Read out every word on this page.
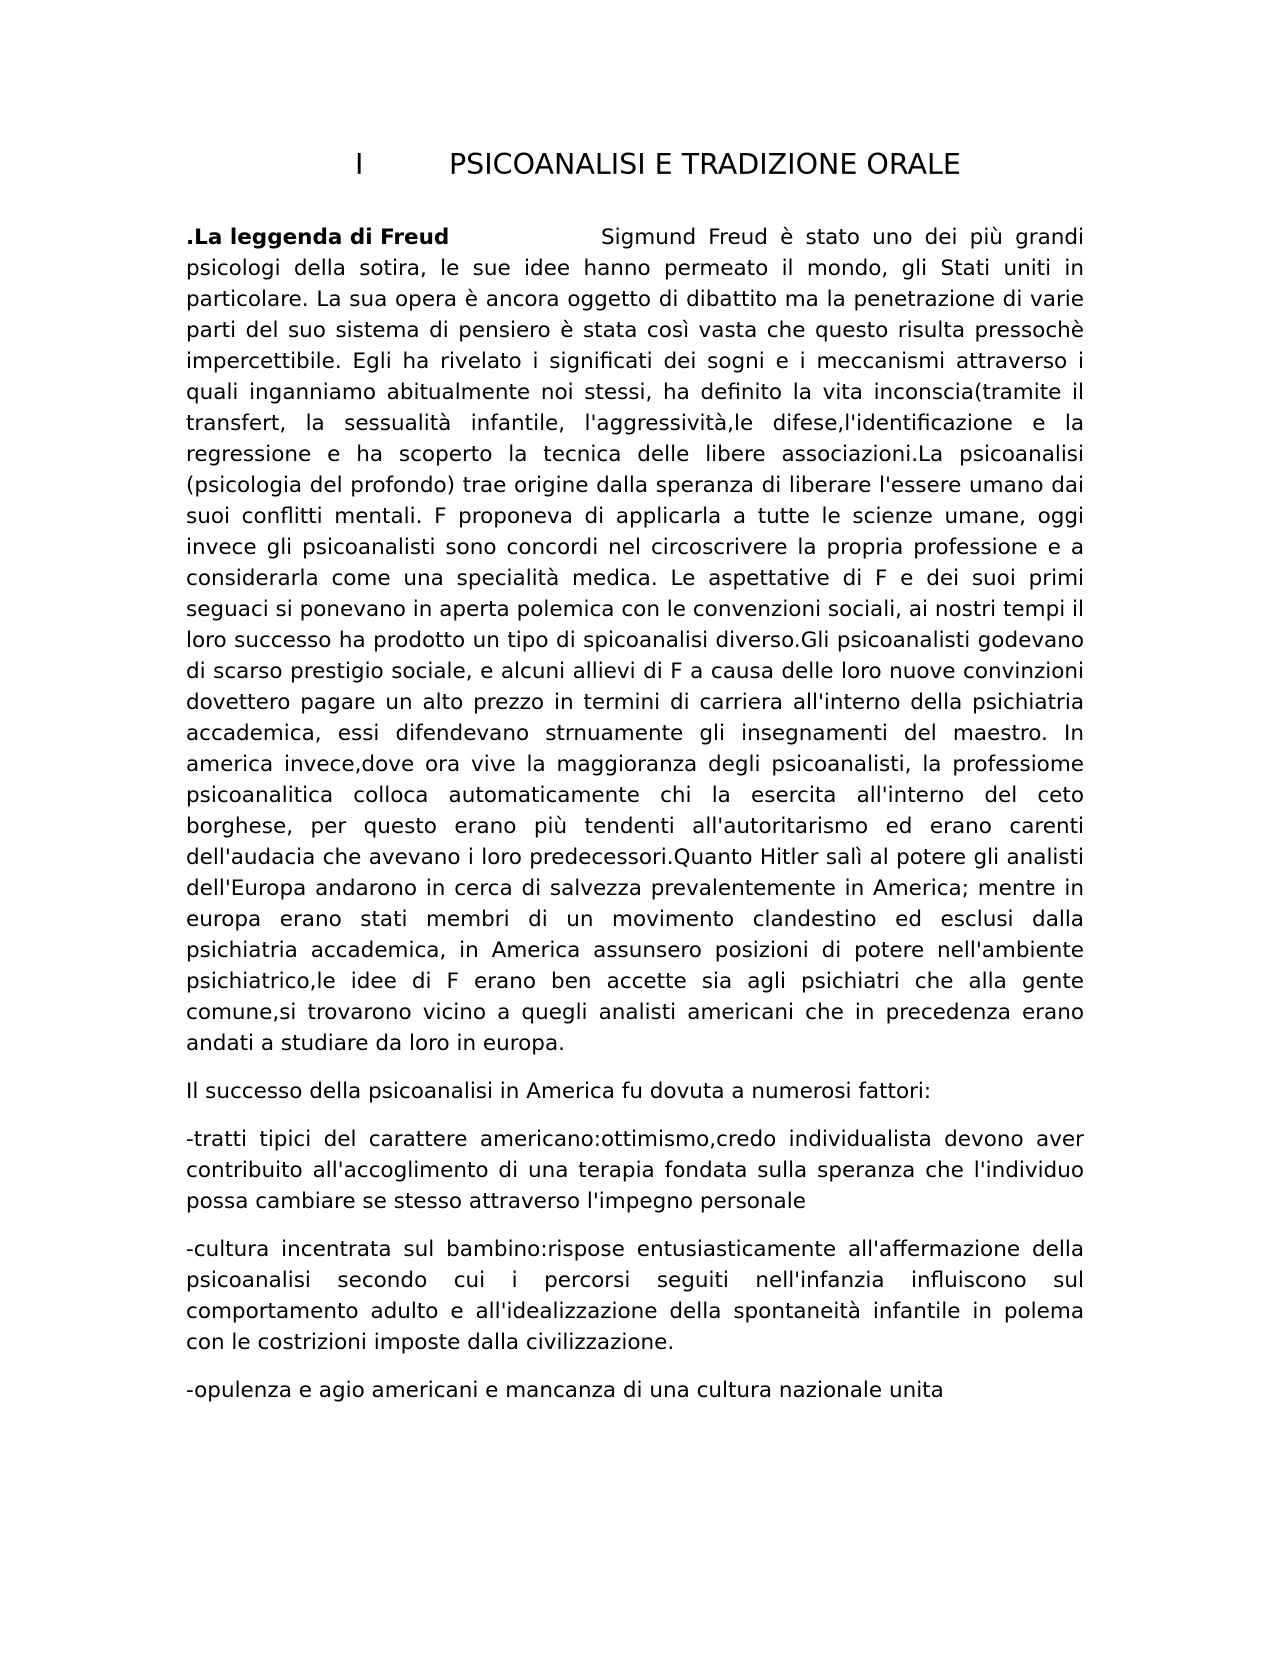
I	PSICOANALISI E TRADIZIONE ORALE

.La leggenda di Freud	Sigmund Freud è stato uno dei più grandi psicologi della sotira, le sue idee hanno permeato il mondo, gli Stati uniti in particolare. La sua opera è ancora oggetto di dibattito ma la penetrazione di varie parti del suo sistema di pensiero è stata così vasta che questo risulta pressochè impercettibile. Egli ha rivelato i significati dei sogni e i meccanismi attraverso i quali inganniamo abitualmente noi stessi, ha definito la vita inconscia(tramite il transfert, la sessualità infantile, l'aggressività,le difese,l'identificazione e la regressione e ha scoperto la tecnica delle libere associazioni.La psicoanalisi (psicologia del profondo) trae origine dalla speranza di liberare l'essere umano dai suoi conflitti mentali. F proponeva di applicarla a tutte le scienze umane, oggi invece gli psicoanalisti sono concordi nel circoscrivere la propria professione e a considerarla come una specialità medica. Le aspettative di F e dei suoi primi seguaci si ponevano in aperta polemica con le convenzioni sociali, ai nostri tempi il loro successo ha prodotto un tipo di spicoanalisi diverso.Gli psicoanalisti godevano di scarso prestigio sociale, e alcuni allievi di F a causa delle loro nuove convinzioni dovettero pagare un alto prezzo in termini di carriera all'interno della psichiatria accademica, essi difendevano strnuamente gli insegnamenti del maestro. In america invece,dove ora vive la maggioranza degli psicoanalisti, la professiome psicoanalitica colloca automaticamente chi la esercita all'interno del ceto borghese, per questo erano più tendenti all'autoritarismo ed erano carenti dell'audacia che avevano i loro predecessori.Quanto Hitler salì al potere gli analisti dell'Europa andarono in cerca di salvezza prevalentemente in America; mentre in europa erano stati membri di un movimento clandestino ed esclusi dalla psichiatria accademica, in America assunsero posizioni di potere nell'ambiente psichiatrico,le idee di F erano ben accette sia agli psichiatri che alla gente comune,si trovarono vicino a quegli analisti americani che in precedenza erano andati a studiare da loro in europa.

Il successo della psicoanalisi in America fu dovuta a numerosi fattori:

-tratti tipici del carattere americano:ottimismo,credo individualista devono aver contribuito all'accoglimento di una terapia fondata sulla speranza che l'individuo possa cambiare se stesso attraverso l'impegno personale

-cultura incentrata sul bambino:rispose entusiasticamente all'affermazione della psicoanalisi secondo cui i percorsi seguiti nell'infanzia influiscono sul comportamento adulto e all'idealizzazione della spontaneità infantile in polema con le costrizioni imposte dalla civilizzazione.

-opulenza e agio americani e mancanza di una cultura nazionale unita
